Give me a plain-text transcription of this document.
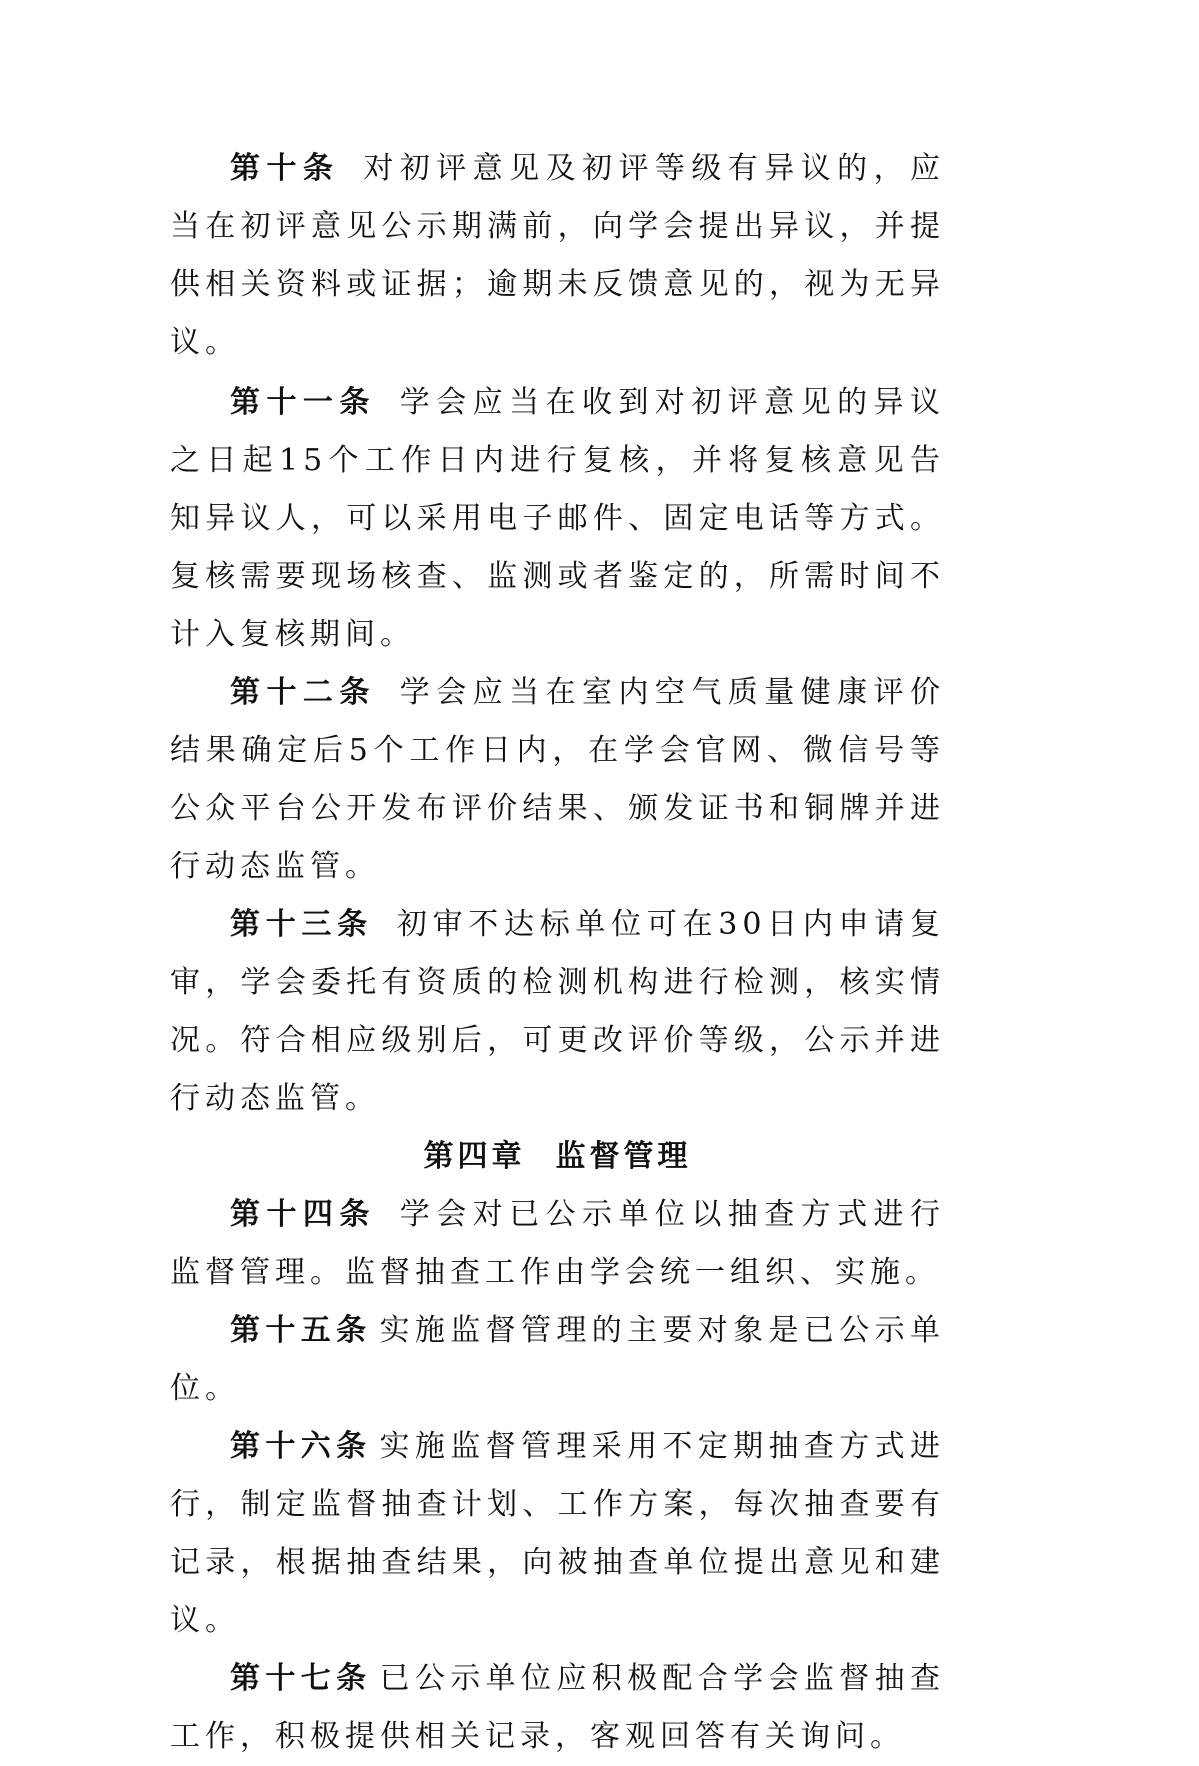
第十条 对初评意见及初评等级有异议的，应当在初评意见公示期满前，向学会提出异议，并提供相关资料或证据；逾期未反馈意见的，视为无异议。

第十一条 学会应当在收到对初评意见的异议之日起15个工作日内进行复核，并将复核意见告知异议人，可以采用电子邮件、固定电话等方式。复核需要现场核查、监测或者鉴定的，所需时间不计入复核期间。

第十二条 学会应当在室内空气质量健康评价结果确定后5个工作日内，在学会官网、微信号等公众平台公开发布评价结果、颁发证书和铜牌并进行动态监管。

第十三条 初审不达标单位可在30日内申请复审，学会委托有资质的检测机构进行检测，核实情况。符合相应级别后，可更改评价等级，公示并进行动态监管。

第四章 监督管理

第十四条 学会对已公示单位以抽查方式进行监督管理。监督抽查工作由学会统一组织、实施。

第十五条 实施监督管理的主要对象是已公示单位。

第十六条 实施监督管理采用不定期抽查方式进行，制定监督抽查计划、工作方案，每次抽查要有记录，根据抽查结果，向被抽查单位提出意见和建议。

第十七条 已公示单位应积极配合学会监督抽查工作，积极提供相关记录，客观回答有关询问。
